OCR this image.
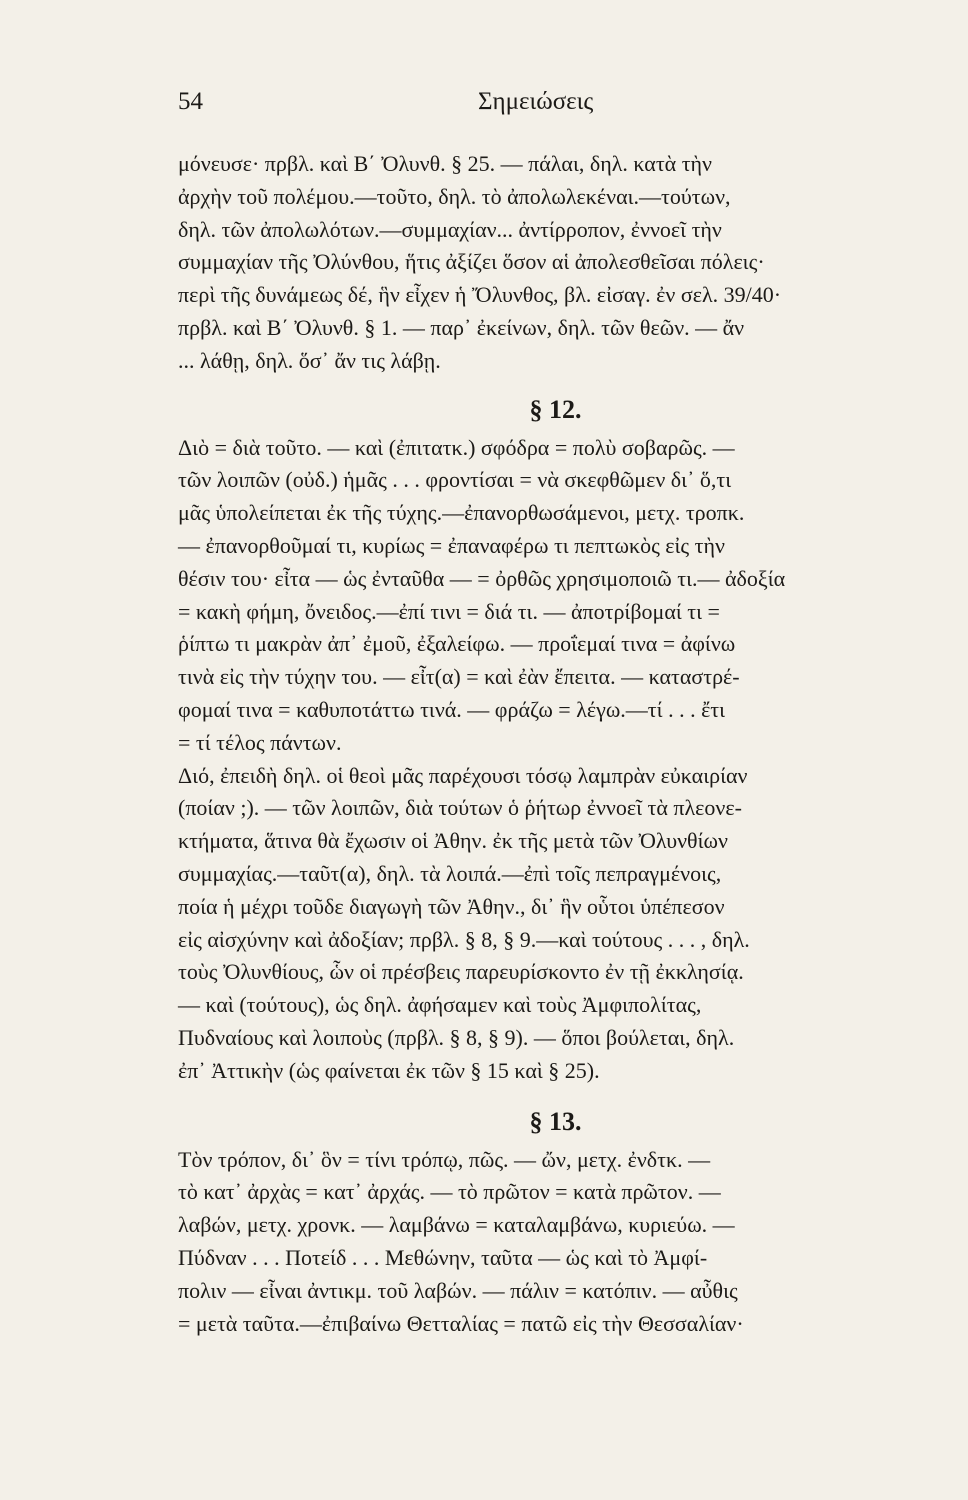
54	Σημειώσεις
μόνευσε· πρβλ. καὶ Β΄ Ὀλυνθ. § 25. — πάλαι, δηλ. κατὰ τὴν
ἀρχὴν τοῦ πολέμου.—τοῦτο, δηλ. τὸ ἀπολωλεκέναι.—τούτων,
δηλ. τῶν ἀπολωλότων.—συμμαχίαν... ἀντίρροπον, ἐννοεῖ τὴν
συμμαχίαν τῆς Ὀλύνθου, ἥτις ἀξίζει ὅσον αἱ ἀπολεσθεῖσαι πόλεις·
περὶ τῆς δυνάμεως δέ, ἣν εἶχεν ἡ Ὄλυνθος, βλ. εἰσαγ. ἐν σελ. 39/40·
πρβλ. καὶ Β΄ Ὀλυνθ. § 1. — παρ᾽ ἐκείνων, δηλ. τῶν θεῶν. — ἄν
... λάθῃ, δηλ. ὅσ᾽ ἄν τις λάβῃ.
§ 12.
Διὸ = διὰ τοῦτο. — καὶ (ἐπιτατκ.) σφόδρα = πολὺ σοβαρῶς. —
τῶν λοιπῶν (οὐδ.) ἡμᾶς . . . φροντίσαι = νὰ σκεφθῶμεν δι᾽ ὅ,τι
μᾶς ὑπολείπεται ἐκ τῆς τύχης.—ἐπανορθωσάμενοι, μετχ. τροπκ.
— ἐπανορθοῦμαί τι, κυρίως = ἐπαναφέρω τι πεπτωκὸς εἰς τὴν
θέσιν του· εἶτα — ὡς ἐνταῦθα — = ὀρθῶς χρησιμοποιῶ τι.— ἀδοξία
= κακὴ φήμη, ὄνειδος.—ἐπί τινι = διά τι. — ἀποτρίβομαί τι =
ῥίπτω τι μακρὰν ἀπ᾽ ἐμοῦ, ἐξαλείφω. — προΐεμαί τινα = ἀφίνω
τινὰ εἰς τὴν τύχην του. — εἶτ(α) = καὶ ἐὰν ἔπειτα. — καταστρέ-
φομαί τινα = καθυποτάττω τινά. — φράζω = λέγω.—τί . . . ἔτι
= τί τέλος πάντων.
Διό, ἐπειδὴ δηλ. οἱ θεοὶ μᾶς παρέχουσι τόσῳ λαμπρὰν εὐκαιρίαν
(ποίαν ;). — τῶν λοιπῶν, διὰ τούτων ὁ ῥήτωρ ἐννοεῖ τὰ πλεονε-
κτήματα, ἅτινα θὰ ἔχωσιν οἱ Ἀθην. ἐκ τῆς μετὰ τῶν Ὀλυνθίων
συμμαχίας.—ταῦτ(α), δηλ. τὰ λοιπά.—ἐπὶ τοῖς πεπραγμένοις,
ποία ἡ μέχρι τοῦδε διαγωγὴ τῶν Ἀθην., δι᾽ ἣν οὗτοι ὑπέπεσον
εἰς αἰσχύνην καὶ ἀδοξίαν; πρβλ. § 8, § 9.—καὶ τούτους . . . , δηλ.
τοὺς Ὀλυνθίους, ὧν οἱ πρέσβεις παρευρίσκοντο ἐν τῇ ἐκκλησίᾳ.
— καὶ (τούτους), ὡς δηλ. ἀφήσαμεν καὶ τοὺς Ἀμφιπολίτας,
Πυδναίους καὶ λοιποὺς (πρβλ. § 8, § 9). — ὅποι βούλεται, δηλ.
ἐπ᾽ Ἀττικὴν (ὡς φαίνεται ἐκ τῶν § 15 καὶ § 25).
§ 13.
Τὸν τρόπον, δι᾽ ὃν = τίνι τρόπῳ, πῶς. — ὤν, μετχ. ἐνδτκ. —
τὸ κατ᾽ ἀρχὰς = κατ᾽ ἀρχάς. — τὸ πρῶτον = κατὰ πρῶτον. —
λαβών, μετχ. χρονκ. — λαμβάνω = καταλαμβάνω, κυριεύω. —
Πύδναν . . . Ποτείδ . . . Μεθώνην, ταῦτα — ὡς καὶ τὸ Ἀμφί-
πολιν — εἶναι ἀντικμ. τοῦ λαβών. — πάλιν = κατόπιν. — αὖθις
= μετὰ ταῦτα.—ἐπιβαίνω Θετταλίας = πατῶ εἰς τὴν Θεσσαλίαν·
